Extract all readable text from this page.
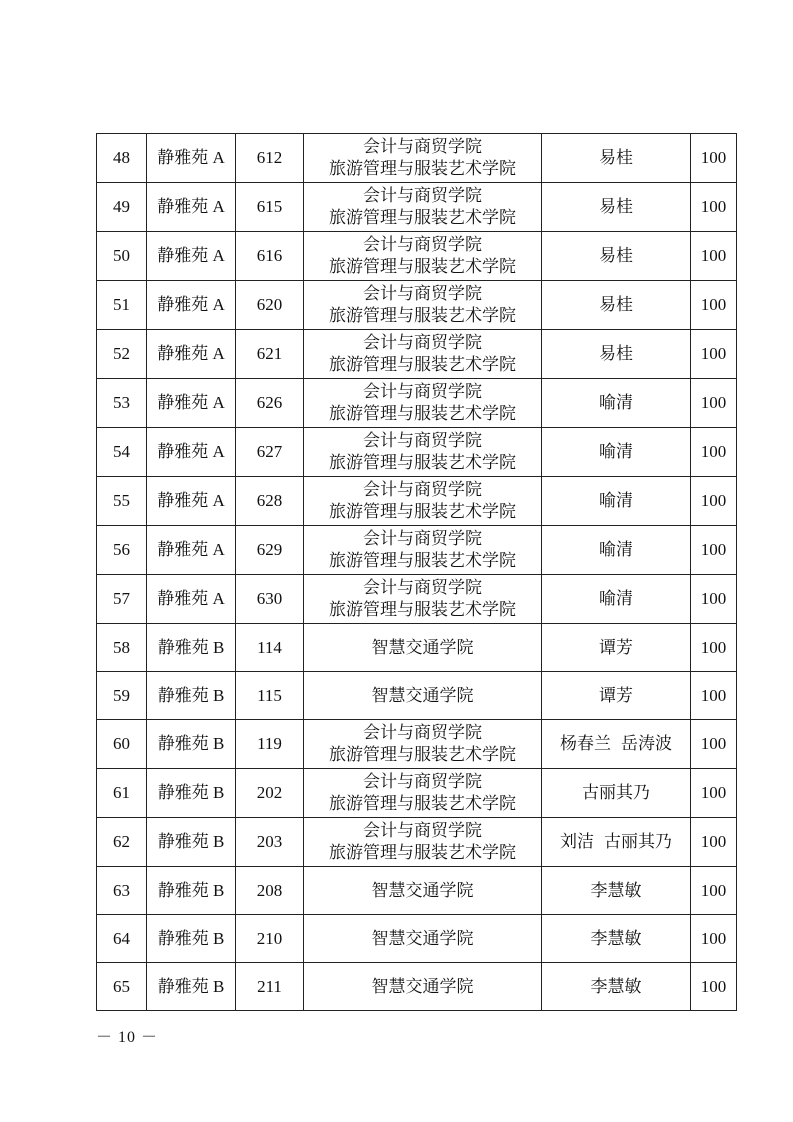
48	静雅苑 A	612	会计与商贸学院
旅游管理与服装艺术学院	易桂	100
49	静雅苑 A	615	会计与商贸学院
旅游管理与服装艺术学院	易桂	100
50	静雅苑 A	616	会计与商贸学院
旅游管理与服装艺术学院	易桂	100
51	静雅苑 A	620	会计与商贸学院
旅游管理与服装艺术学院	易桂	100
52	静雅苑 A	621	会计与商贸学院
旅游管理与服装艺术学院	易桂	100
53	静雅苑 A	626	会计与商贸学院
旅游管理与服装艺术学院	喻清	100
54	静雅苑 A	627	会计与商贸学院
旅游管理与服装艺术学院	喻清	100
55	静雅苑 A	628	会计与商贸学院
旅游管理与服装艺术学院	喻清	100
56	静雅苑 A	629	会计与商贸学院
旅游管理与服装艺术学院	喻清	100
57	静雅苑 A	630	会计与商贸学院
旅游管理与服装艺术学院	喻清	100
58	静雅苑 B	114	智慧交通学院	谭芳	100
59	静雅苑 B	115	智慧交通学院	谭芳	100
60	静雅苑 B	119	会计与商贸学院
旅游管理与服装艺术学院	杨春兰 岳涛波	100
61	静雅苑 B	202	会计与商贸学院
旅游管理与服装艺术学院	古丽其乃	100
62	静雅苑 B	203	会计与商贸学院
旅游管理与服装艺术学院	刘洁 古丽其乃	100
63	静雅苑 B	208	智慧交通学院	李慧敏	100
64	静雅苑 B	210	智慧交通学院	李慧敏	100
65	静雅苑 B	211	智慧交通学院	李慧敏	100
－ 10 －
